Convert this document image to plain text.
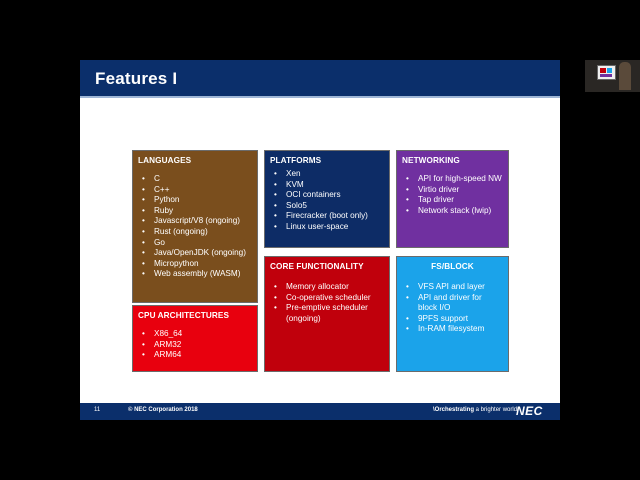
Features I
LANGUAGES
• C
• C++
• Python
• Ruby
• Javascript/V8 (ongoing)
• Rust (ongoing)
• Go
• Java/OpenJDK (ongoing)
• Micropython
• Web assembly (WASM)
PLATFORMS
• Xen
• KVM
• OCI containers
• Solo5
• Firecracker (boot only)
• Linux user-space
NETWORKING
• API for high-speed NW
• Virtio driver
• Tap driver
• Network stack (lwip)
CORE FUNCTIONALITY
• Memory allocator
• Co-operative scheduler
• Pre-emptive scheduler (ongoing)
FS/BLOCK
• VFS API and layer
• API and driver for block I/O
• 9PFS support
• In-RAM filesystem
CPU ARCHITECTURES
• X86_64
• ARM32
• ARM64
11	© NEC Corporation 2018	\Orchestrating a brighter world
NEC
